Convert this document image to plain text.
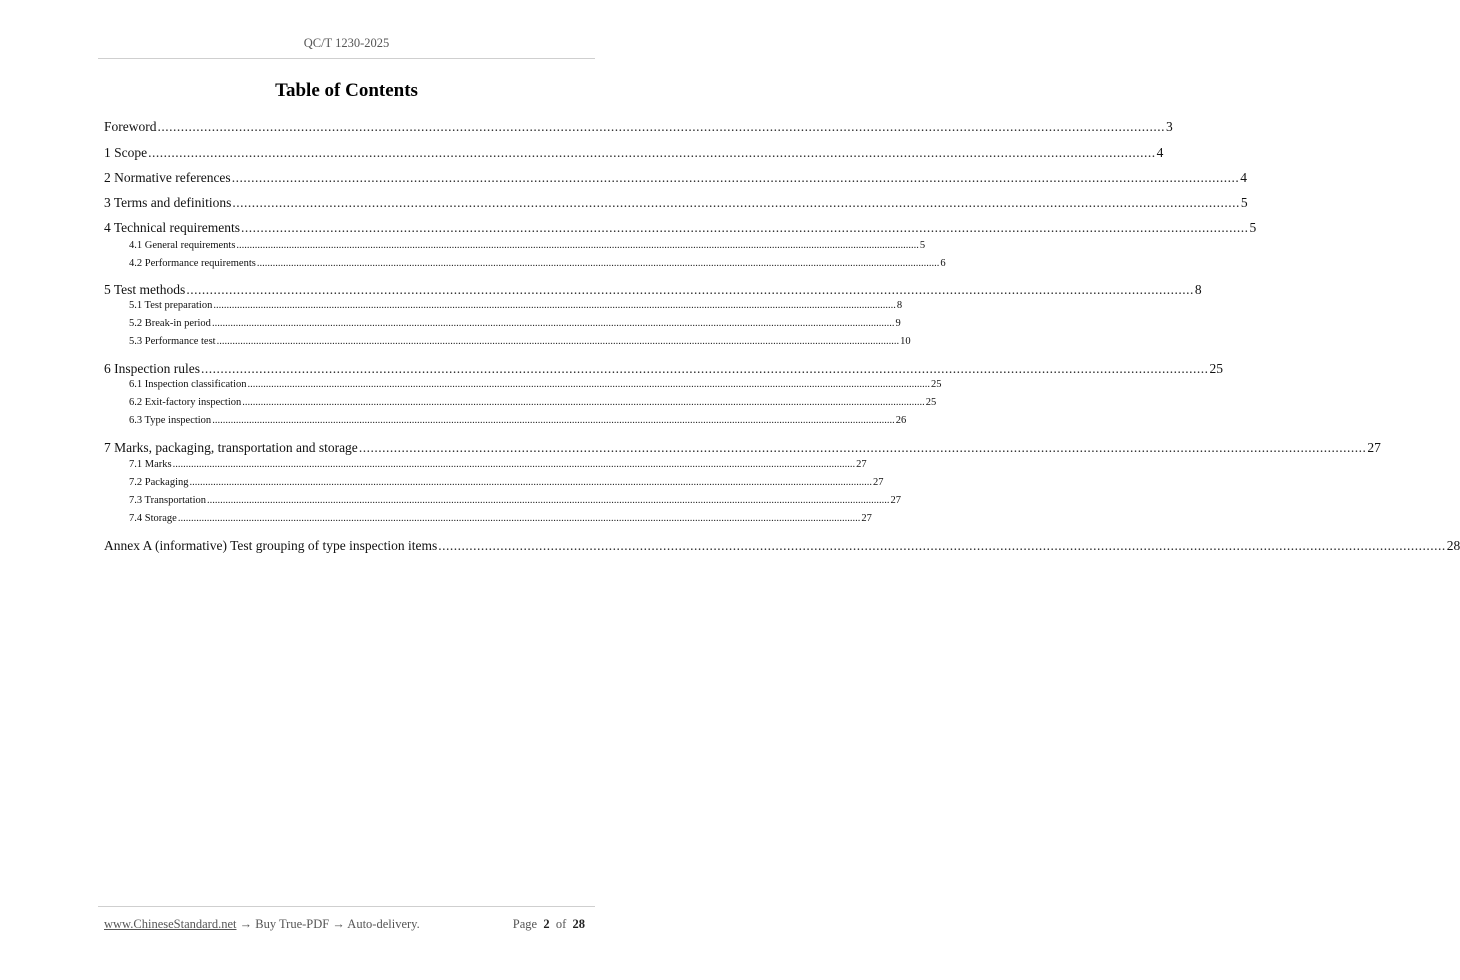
QC/T 1230-2025
Table of Contents
Foreword .................................................................................................................................................................................................................................................................... 3
1 Scope .................................................................................................................................................................................................................................................................... 4
2 Normative references .................................................................................................................................................................................................................................................................... 4
3 Terms and definitions .................................................................................................................................................................................................................................................................... 5
4 Technical requirements .................................................................................................................................................................................................................................................................... 5
4.1 General requirements .................................................................................................................................................................................................................................................................... 5
4.2 Performance requirements .................................................................................................................................................................................................................................................................... 6
5 Test methods .................................................................................................................................................................................................................................................................... 8
5.1 Test preparation .................................................................................................................................................................................................................................................................... 8
5.2 Break-in period .................................................................................................................................................................................................................................................................... 9
5.3 Performance test .................................................................................................................................................................................................................................................................... 10
6 Inspection rules .................................................................................................................................................................................................................................................................... 25
6.1 Inspection classification .................................................................................................................................................................................................................................................................... 25
6.2 Exit-factory inspection .................................................................................................................................................................................................................................................................... 25
6.3 Type inspection .................................................................................................................................................................................................................................................................... 26
7 Marks, packaging, transportation and storage .................................................................................................................................................................................................................................................................... 27
7.1 Marks .................................................................................................................................................................................................................................................................... 27
7.2 Packaging .................................................................................................................................................................................................................................................................... 27
7.3 Transportation .................................................................................................................................................................................................................................................................... 27
7.4 Storage .................................................................................................................................................................................................................................................................... 27
Annex A (informative) Test grouping of type inspection items .................................................................................................................................................................................................................................................................... 28
www.ChineseStandard.net → Buy True-PDF → Auto-delivery.	Page 2 of 28
